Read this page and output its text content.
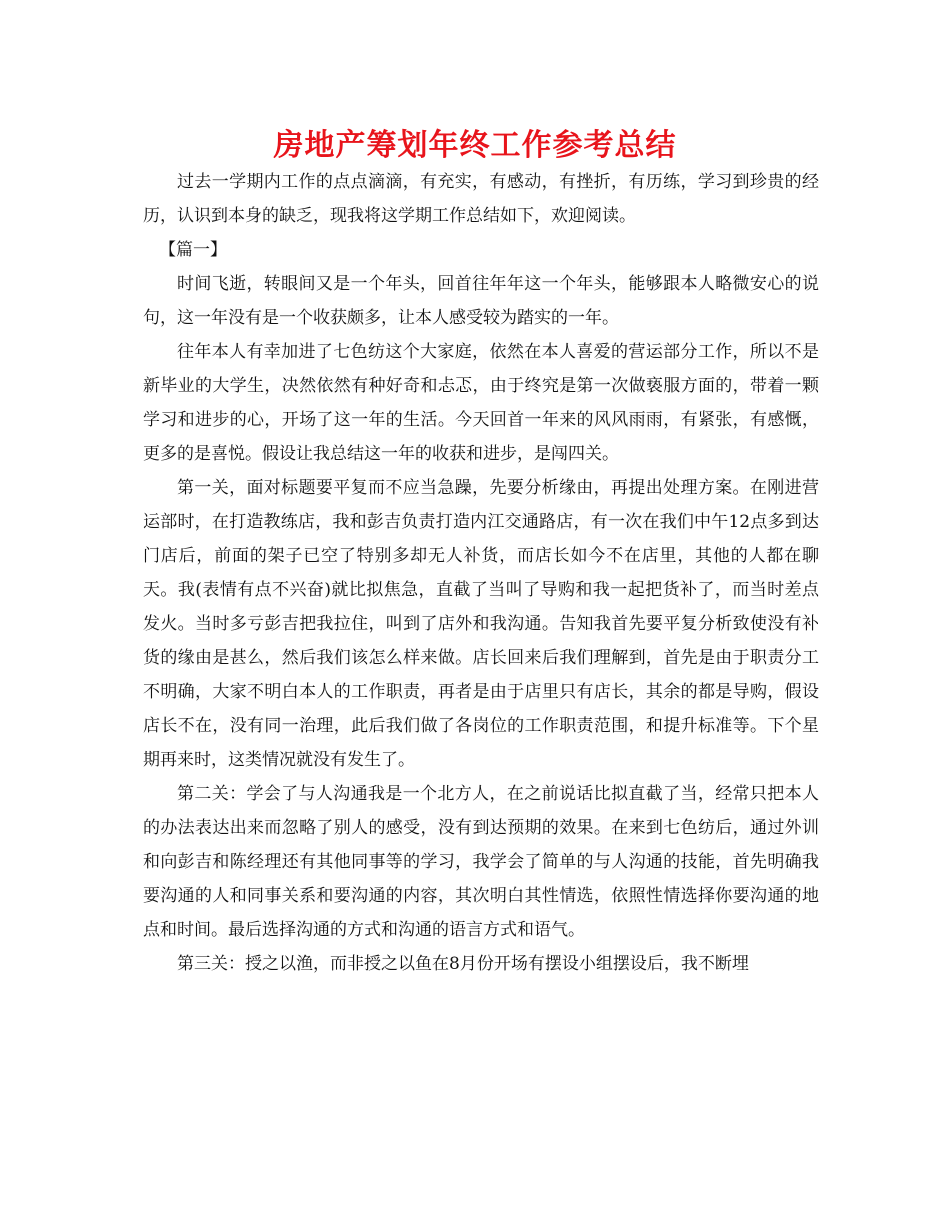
房地产筹划年终工作参考总结

过去一学期内工作的点点滴滴，有充实，有感动，有挫折，有历练，学习到珍贵的经历，认识到本身的缺乏，现我将这学期工作总结如下，欢迎阅读。

【篇一】

时间飞逝，转眼间又是一个年头，回首往年年这一个年头，能够跟本人略微安心的说句，这一年没有是一个收获颇多，让本人感受较为踏实的一年。

往年本人有幸加进了七色纺这个大家庭，依然在本人喜爱的营运部分工作，所以不是新毕业的大学生，决然依然有种好奇和忐忑，由于终究是第一次做亵服方面的，带着一颗学习和进步的心，开场了这一年的生活。今天回首一年来的风风雨雨，有紧张，有感慨，更多的是喜悦。假设让我总结这一年的收获和进步，是闯四关。

第一关，面对标题要平复而不应当急躁，先要分析缘由，再提出处理方案。在刚进营运部时，在打造教练店，我和彭吉负责打造内江交通路店，有一次在我们中午12点多到达门店后，前面的架子已空了特别多却无人补货，而店长如今不在店里，其他的人都在聊天。我(表情有点不兴奋)就比拟焦急，直截了当叫了导购和我一起把货补了，而当时差点发火。当时多亏彭吉把我拉住，叫到了店外和我沟通。告知我首先要平复分析致使没有补货的缘由是甚么，然后我们该怎么样来做。店长回来后我们理解到，首先是由于职责分工不明确，大家不明白本人的工作职责，再者是由于店里只有店长，其余的都是导购，假设店长不在，没有同一治理，此后我们做了各岗位的工作职责范围，和提升标准等。下个星期再来时，这类情况就没有发生了。

第二关：学会了与人沟通我是一个北方人，在之前说话比拟直截了当，经常只把本人的办法表达出来而忽略了别人的感受，没有到达预期的效果。在来到七色纺后，通过外训和向彭吉和陈经理还有其他同事等的学习，我学会了简单的与人沟通的技能，首先明确我要沟通的人和同事关系和要沟通的内容，其次明白其性情选，依照性情选择你要沟通的地点和时间。最后选择沟通的方式和沟通的语言方式和语气。

第三关：授之以渔，而非授之以鱼在8月份开场有摆设小组摆设后，我不断埋
